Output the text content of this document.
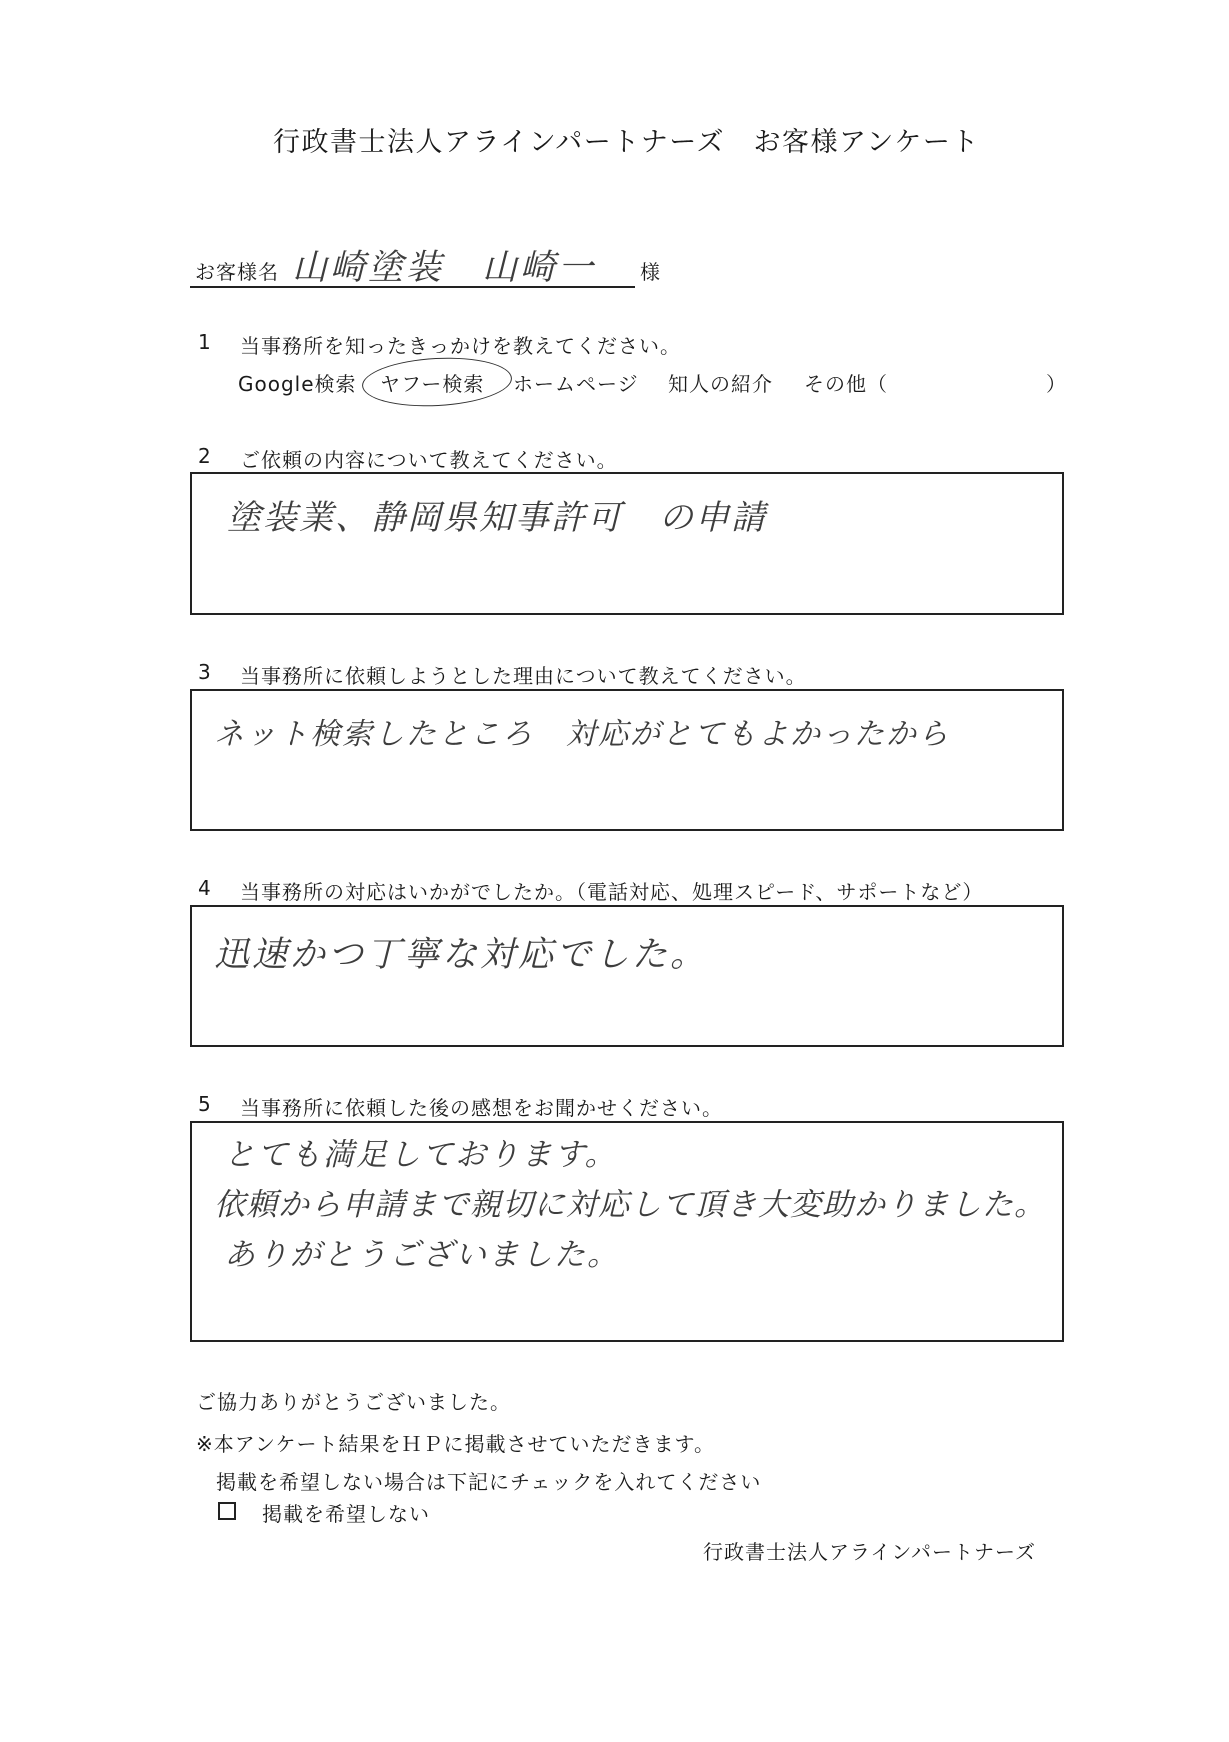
行政書士法人アラインパートナーズ　お客様アンケート
お客様名 山崎塗装　山崎一 様
1 当事務所を知ったきっかけを教えてください。
Google検索 ヤフー検索 ホームページ 知人の紹介 その他（	）
2 ご依頼の内容について教えてください。
塗装業、静岡県知事許可　の申請
3 当事務所に依頼しようとした理由について教えてください。
ネット検索したところ　対応がとてもよかったから
4 当事務所の対応はいかがでしたか。（電話対応、処理スピード、サポートなど）
迅速かつ丁寧な対応でした。
5 当事務所に依頼した後の感想をお聞かせください。
とても満足しております。
依頼から申請まで親切に対応して頂き大変助かりました。
ありがとうございました。
ご協力ありがとうございました。
※本アンケート結果をＨＰに掲載させていただきます。
掲載を希望しない場合は下記にチェックを入れてください
掲載を希望しない
行政書士法人アラインパートナーズ
